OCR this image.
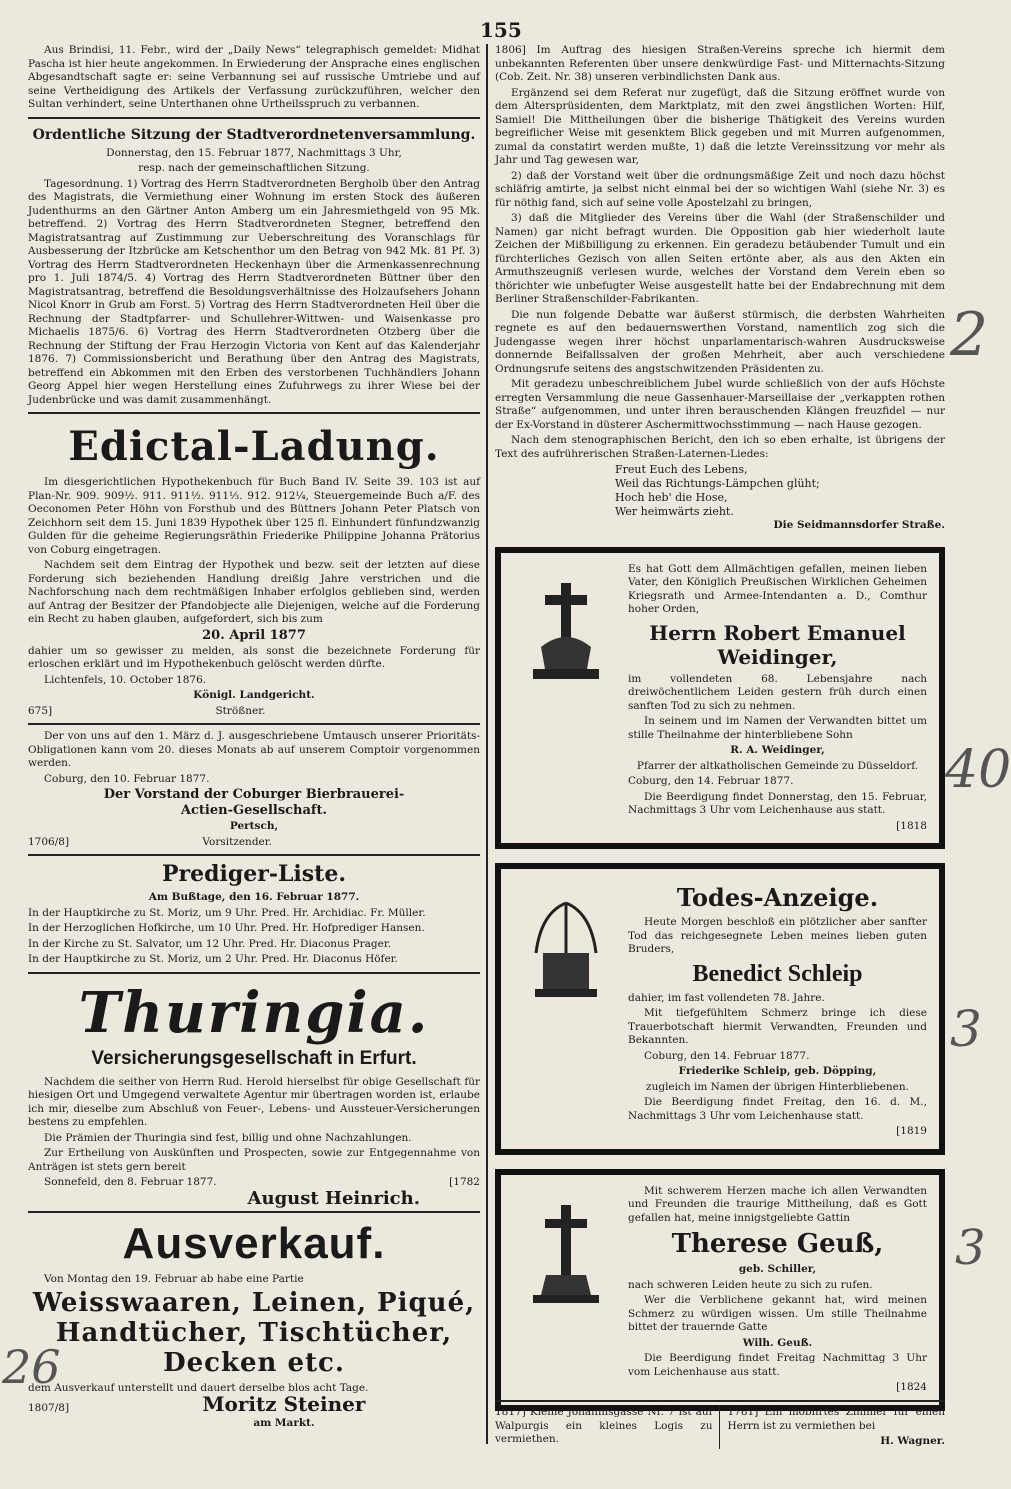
155

Aus Brindisi, 11. Febr., wird der „Daily News“ telegraphisch gemeldet: Midhat Pascha ist hier heute angekommen. In Erwiederung der Ansprache eines englischen Abgesandtschaft sagte er: seine Verbannung sei auf russische Umtriebe und auf seine Vertheidigung des Artikels der Verfassung zurückzuführen, welcher den Sultan verhindert, seine Unterthanen ohne Urtheilsspruch zu verbannen.

Ordentliche Sitzung der Stadtverordnetenversammlung.

Donnerstag, den 15. Februar 1877, Nachmittags 3 Uhr,

resp. nach der gemeinschaftlichen Sitzung.

Tagesordnung. 1) Vortrag des Herrn Stadtverordneten Bergholb über den Antrag des Magistrats, die Vermiethung einer Wohnung im ersten Stock des äußeren Judenthurms an den Gärtner Anton Amberg um ein Jahresmiethgeld von 95 Mk. betreffend. 2) Vortrag des Herrn Stadtverordneten Stegner, betreffend den Magistratsantrag auf Zustimmung zur Ueberschreitung des Voranschlags für Ausbesserung der Itzbrücke am Ketschenthor um den Betrag von 942 Mk. 81 Pf. 3) Vortrag des Herrn Stadtverordneten Heckenhayn über die Armenkassenrechnung pro 1. Juli 1874/5. 4) Vortrag des Herrn Stadtverordneten Büttner über den Magistratsantrag, betreffend die Besoldungsverhältnisse des Holzaufsehers Johann Nicol Knorr in Grub am Forst. 5) Vortrag des Herrn Stadtverordneten Heil über die Rechnung der Stadtpfarrer- und Schullehrer-Wittwen- und Waisenkasse pro Michaelis 1875/6. 6) Vortrag des Herrn Stadtverordneten Otzberg über die Rechnung der Stiftung der Frau Herzogin Victoria von Kent auf das Kalenderjahr 1876. 7) Commissionsbericht und Berathung über den Antrag des Magistrats, betreffend ein Abkommen mit den Erben des verstorbenen Tuchhändlers Johann Georg Appel hier wegen Herstellung eines Zufuhrwegs zu ihrer Wiese bei der Judenbrücke und was damit zusammenhängt.

Edictal-Ladung.

Im diesgerichtlichen Hypothekenbuch für Buch Band IV. Seite 39. 103 ist auf Plan-Nr. 909. 909½. 911. 911½. 911⅓. 912. 912¼, Steuergemeinde Buch a/F. des Oeconomen Peter Höhn von Forsthub und des Büttners Johann Peter Platsch von Zeichhorn seit dem 15. Juni 1839 Hypothek über 125 fl. Einhundert fünfundzwanzig Gulden für die geheime Regierungsräthin Friederike Philippine Johanna Prätorius von Coburg eingetragen.

Nachdem seit dem Eintrag der Hypothek und bezw. seit der letzten auf diese Forderung sich beziehenden Handlung dreißig Jahre verstrichen und die Nachforschung nach dem rechtmäßigen Inhaber erfolglos geblieben sind, werden auf Antrag der Besitzer der Pfandobjecte alle Diejenigen, welche auf die Forderung ein Recht zu haben glauben, aufgefordert, sich bis zum

20. April 1877

dahier um so gewisser zu melden, als sonst die bezeichnete Forderung für erloschen erklärt und im Hypothekenbuch gelöscht werden dürfte.

Lichtenfels, 10. October 1876.

Königl. Landgericht.

675]	Strößner.

Der von uns auf den 1. März d. J. ausgeschriebene Umtausch unserer Prioritäts-Obligationen kann vom 20. dieses Monats ab auf unserem Comptoir vorgenommen werden.

Coburg, den 10. Februar 1877.

Der Vorstand der Coburger Bierbrauerei-

Actien-Gesellschaft.

Pertsch,

1706/8]	Vorsitzender.

Prediger-Liste.

Am Bußtage, den 16. Februar 1877.

In der Hauptkirche zu St. Moriz, um 9 Uhr. Pred. Hr. Archidiac. Fr. Müller.

In der Herzoglichen Hofkirche, um 10 Uhr. Pred. Hr. Hofprediger Hansen.

In der Kirche zu St. Salvator, um 12 Uhr. Pred. Hr. Diaconus Prager.

In der Hauptkirche zu St. Moriz, um 2 Uhr. Pred. Hr. Diaconus Höfer.

Thuringia.
Versicherungsgesellschaft in Erfurt.

Nachdem die seither von Herrn Rud. Herold hierselbst für obige Gesellschaft für hiesigen Ort und Umgegend verwaltete Agentur mir übertragen worden ist, erlaube ich mir, dieselbe zum Abschluß von Feuer-, Lebens- und Aussteuer-Versicherungen bestens zu empfehlen.

Die Prämien der Thuringia sind fest, billig und ohne Nachzahlungen.

Zur Ertheilung von Auskünften und Prospecten, sowie zur Entgegennahme von Anträgen ist stets gern bereit

Sonnefeld, den 8. Februar 1877.	[1782

August Heinrich.

Ausverkauf.

Von Montag den 19. Februar ab habe eine Partie

Weisswaaren, Leinen, Piqué, Handtücher, Tischtücher, Decken etc.

dem Ausverkauf unterstellt und dauert derselbe blos acht Tage.

1807/8]	Moritz Steiner

am Markt.

1806] Im Auftrag des hiesigen Straßen-Vereins spreche ich hiermit dem unbekannten Referenten über unsere denkwürdige Fast- und Mitternachts-Sitzung (Cob. Zeit. Nr. 38) unseren verbindlichsten Dank aus.

Ergänzend sei dem Referat nur zugefügt, daß die Sitzung eröffnet wurde von dem Altersprüsidenten, dem Marktplatz, mit den zwei ängstlichen Worten: Hilf, Samiel! Die Mittheilungen über die bisherige Thätigkeit des Vereins wurden begreiflicher Weise mit gesenktem Blick gegeben und mit Murren aufgenommen, zumal da constatirt werden mußte, 1) daß die letzte Vereinssitzung vor mehr als Jahr und Tag gewesen war,

2) daß der Vorstand weit über die ordnungsmäßige Zeit und noch dazu höchst schläfrig amtirte, ja selbst nicht einmal bei der so wichtigen Wahl (siehe Nr. 3) es für nöthig fand, sich auf seine volle Apostelzahl zu bringen,

3) daß die Mitglieder des Vereins über die Wahl (der Straßenschilder und Namen) gar nicht befragt wurden. Die Opposition gab hier wiederholt laute Zeichen der Mißbilligung zu erkennen. Ein geradezu betäubender Tumult und ein fürchterliches Gezisch von allen Seiten ertönte aber, als aus den Akten ein Armuthszeugniß verlesen wurde, welches der Vorstand dem Verein eben so thörichter wie unbefugter Weise ausgestellt hatte bei der Endabrechnung mit dem Berliner Straßenschilder-Fabrikanten.

Die nun folgende Debatte war äußerst stürmisch, die derbsten Wahrheiten regnete es auf den bedauernswerthen Vorstand, namentlich zog sich die Judengasse wegen ihrer höchst unparlamentarisch-wahren Ausdrucksweise donnernde Beifallssalven der großen Mehrheit, aber auch verschiedene Ordnungsrufe seitens des angstschwitzenden Präsidenten zu.

Mit geradezu unbeschreiblichem Jubel wurde schließlich von der aufs Höchste erregten Versammlung die neue Gassenhauer-Marseillaise der „verkappten rothen Straße“ aufgenommen, und unter ihren berauschenden Klängen freuzfidel — nur der Ex-Vorstand in düsterer Aschermittwochsstimmung — nach Hause gezogen.

Nach dem stenographischen Bericht, den ich so eben erhalte, ist übrigens der Text des aufrührerischen Straßen-Laternen-Liedes:

Freut Euch des Lebens,
Weil das Richtungs-Lämpchen glüht;
Hoch heb' die Hose,
Wer heimwärts zieht.

Die Seidmannsdorfer Straße.

Es hat Gott dem Allmächtigen gefallen, meinen lieben Vater, den Königlich Preußischen Wirklichen Geheimen Kriegsrath und Armee-Intendanten a. D., Comthur hoher Orden,

Herrn Robert Emanuel Weidinger,

im vollendeten 68. Lebensjahre nach dreiwöchentlichem Leiden gestern früh durch einen sanften Tod zu sich zu nehmen.

In seinem und im Namen der Verwandten bittet um stille Theilnahme der hinterbliebene Sohn

R. A. Weidinger,

Pfarrer der altkatholischen Gemeinde zu Düsseldorf.

Coburg, den 14. Februar 1877.

Die Beerdigung findet Donnerstag, den 15. Februar, Nachmittags 3 Uhr vom Leichenhause aus statt.

[1818

Todes-Anzeige.

Heute Morgen beschloß ein plötzlicher aber sanfter Tod das reichgesegnete Leben meines lieben guten Bruders,

Benedict Schleip

dahier, im fast vollendeten 78. Jahre.

Mit tiefgefühltem Schmerz bringe ich diese Trauerbotschaft hiermit Verwandten, Freunden und Bekannten.

Coburg, den 14. Februar 1877.

Friederike Schleip, geb. Döpping,

zugleich im Namen der übrigen Hinterbliebenen.

Die Beerdigung findet Freitag, den 16. d. M., Nachmittags 3 Uhr vom Leichenhause statt.

[1819

Mit schwerem Herzen mache ich allen Verwandten und Freunden die traurige Mittheilung, daß es Gott gefallen hat, meine innigstgeliebte Gattin

Therese Geuß,

geb. Schiller,

nach schweren Leiden heute zu sich zu rufen.

Wer die Verblichene gekannt hat, wird meinen Schmerz zu würdigen wissen. Um stille Theilnahme bittet der trauernde Gatte

Wilh. Geuß.

Die Beerdigung findet Freitag Nachmittag 3 Uhr vom Leichenhause aus statt.

[1824

1817] Kleine Johannisgasse Nr. 7 ist auf Walpurgis ein kleines Logis zu vermiethen.

1781] Ein möblirtes Zimmer für einen Herrn ist zu vermiethen bei

H. Wagner.

2
40
3
3
26
